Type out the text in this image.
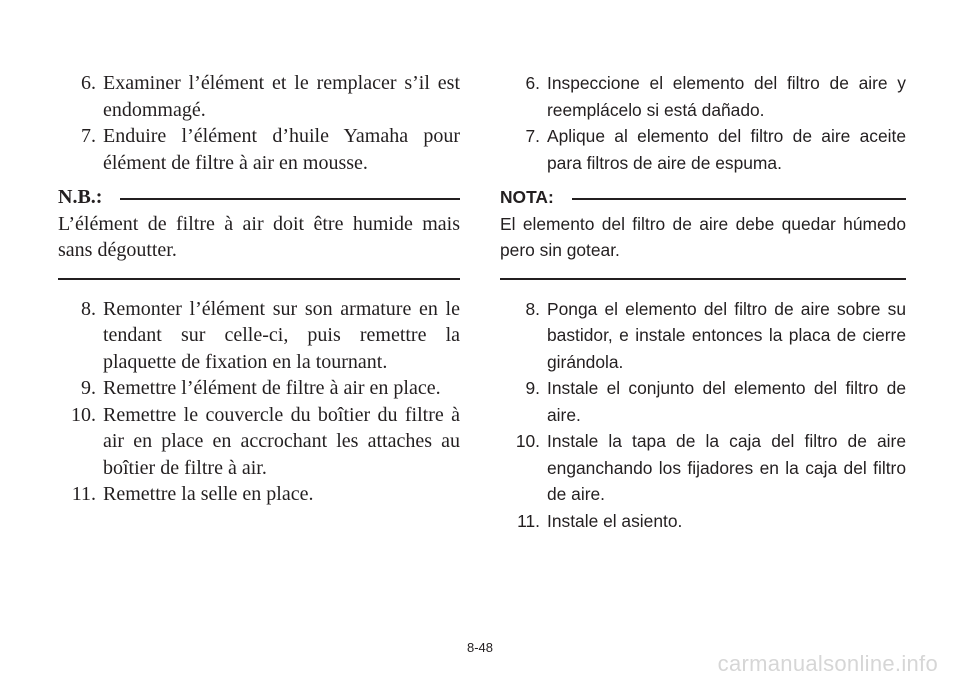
6. Examiner l’élément et le remplacer s’il est endommagé.
7. Enduire l’élément d’huile Yamaha pour élément de filtre à air en mousse.
N.B.:
L’élément de filtre à air doit être humide mais sans dégoutter.
8. Remonter l’élément sur son armature en le tendant sur celle-ci, puis remettre la plaquette de fixation en la tournant.
9. Remettre l’élément de filtre à air en place.
10. Remettre le couvercle du boîtier du filtre à air en place en accrochant les attaches au boîtier de filtre à air.
11. Remettre la selle en place.
6. Inspeccione el elemento del filtro de aire y reemplácelo si está dañado.
7. Aplique al elemento del filtro de aire aceite para filtros de aire de espuma.
NOTA:
El elemento del filtro de aire debe quedar húmedo pero sin gotear.
8. Ponga el elemento del filtro de aire sobre su bastidor, e instale entonces la placa de cierre girándola.
9. Instale el conjunto del elemento del filtro de aire.
10. Instale la tapa de la caja del filtro de aire enganchando los fijadores en la caja del filtro de aire.
11. Instale el asiento.
8-48
carmanualsonline.info
